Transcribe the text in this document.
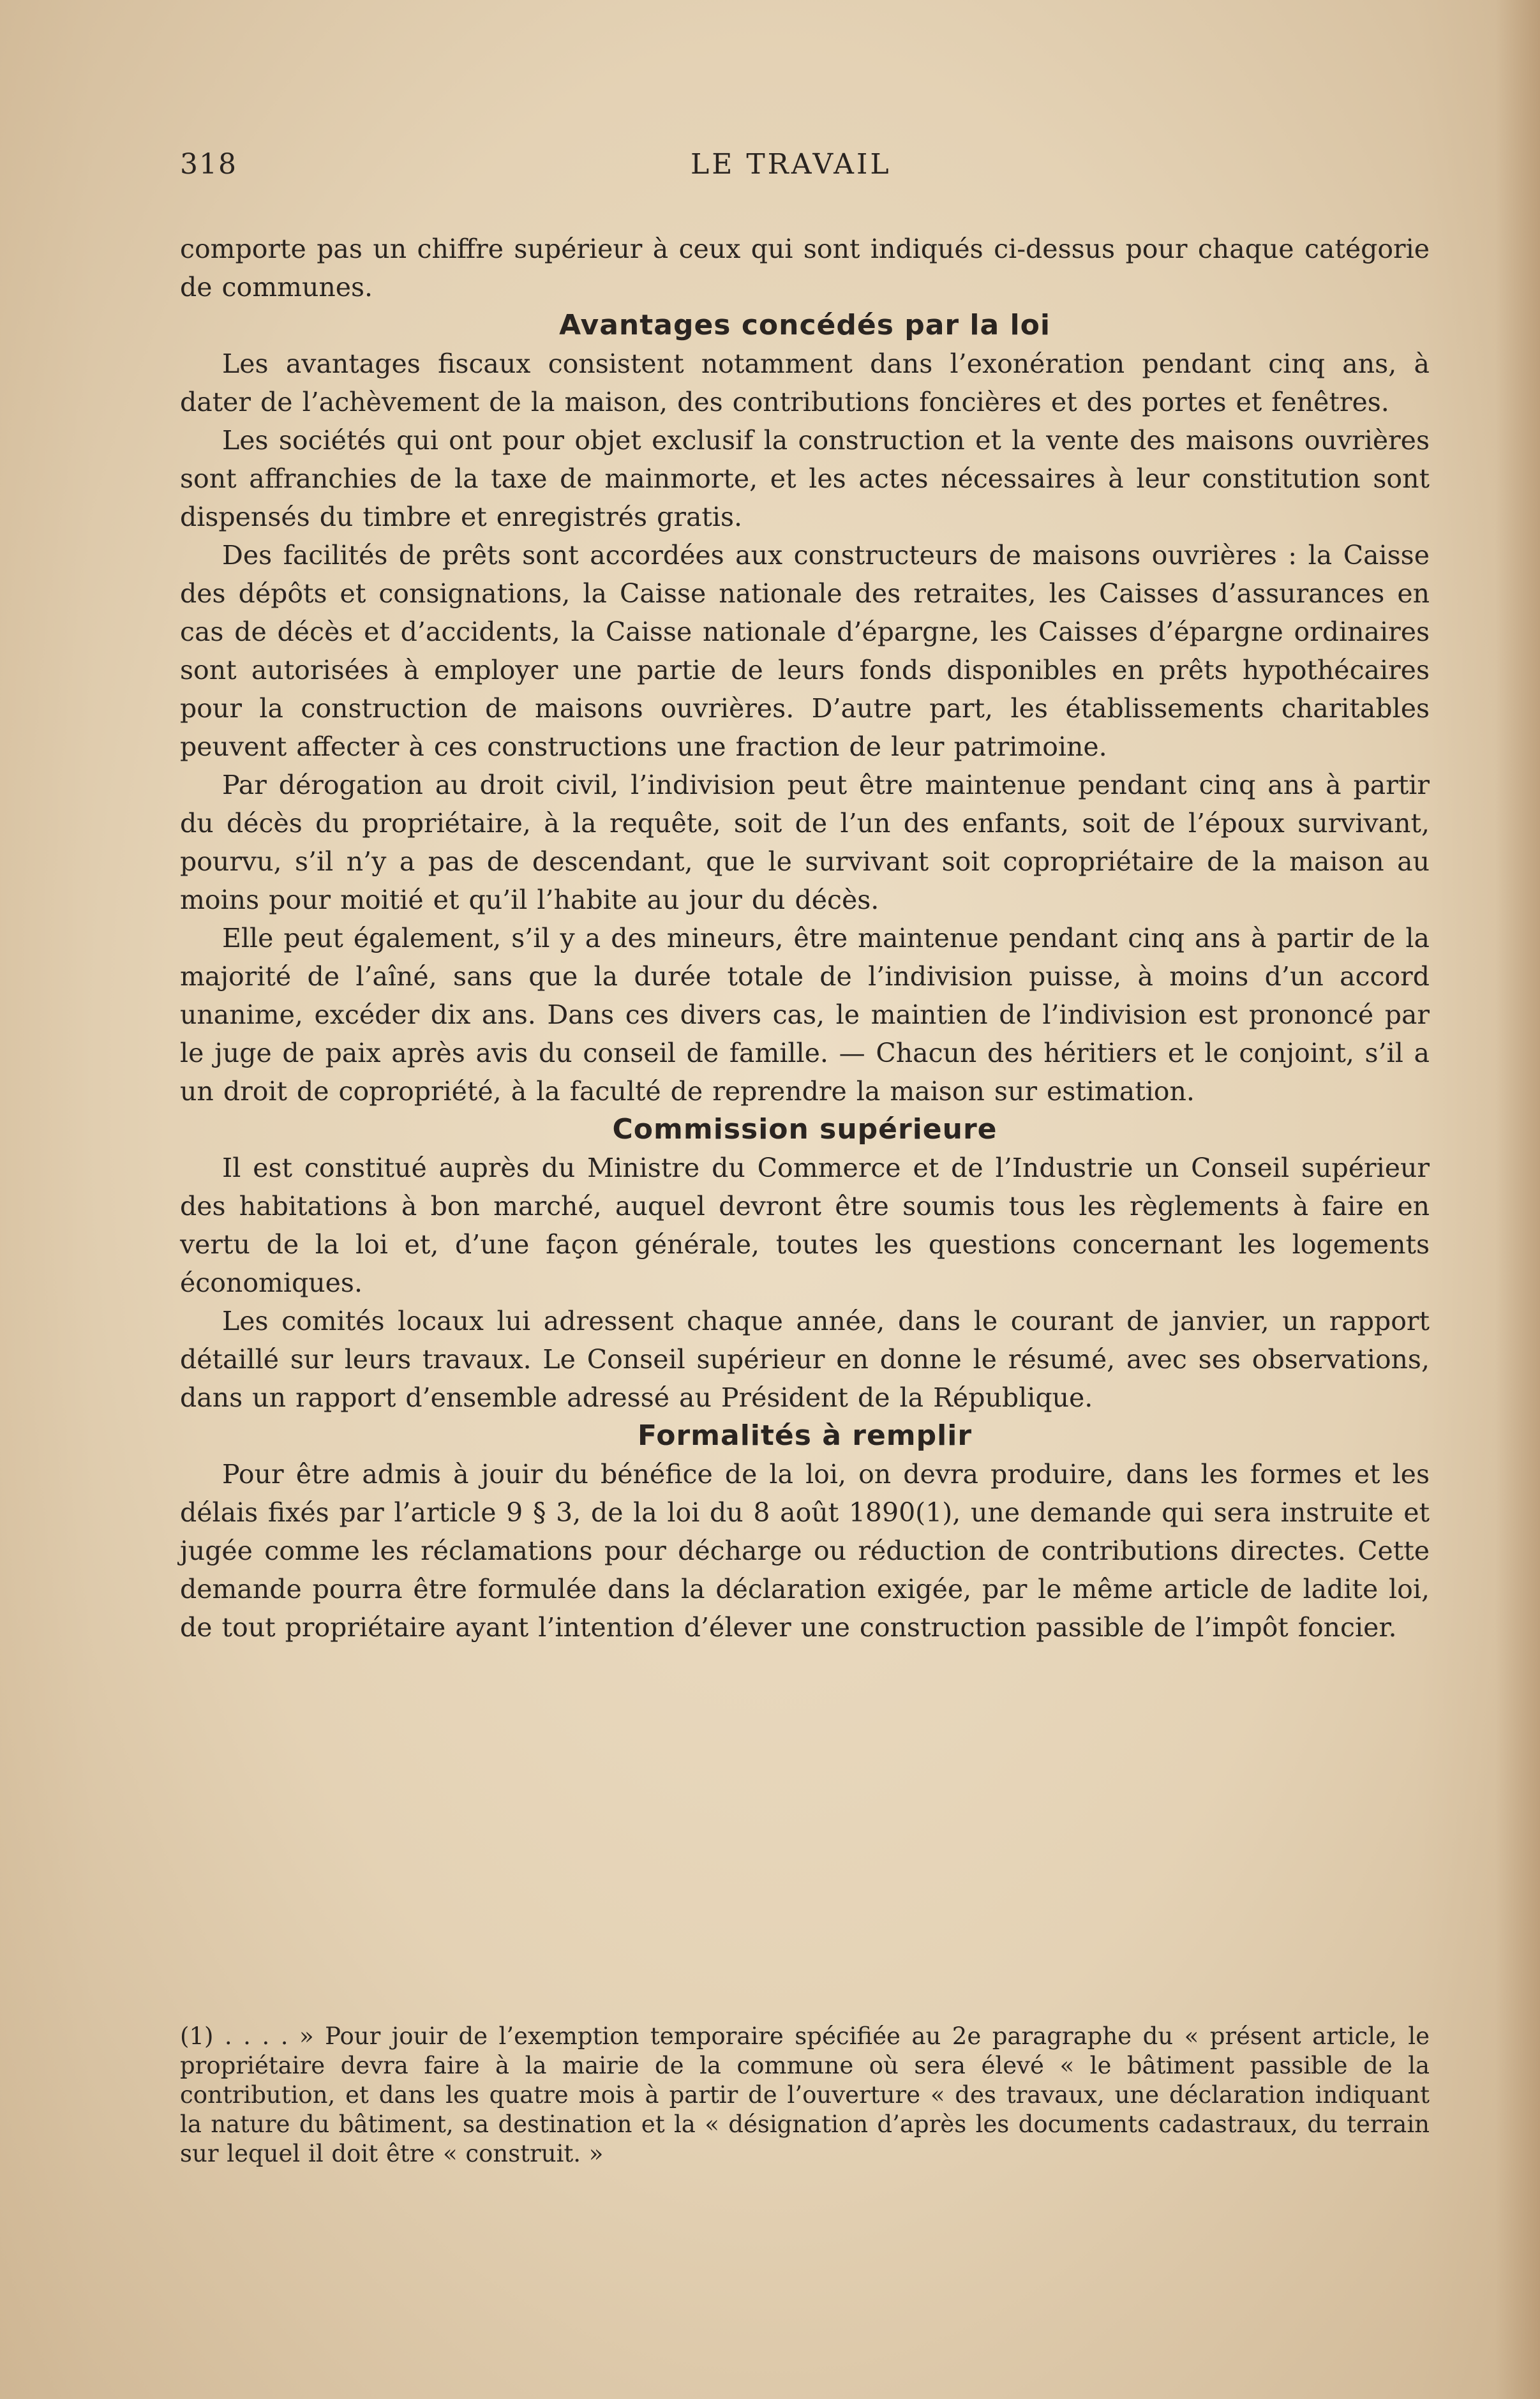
318	LE TRAVAIL

comporte pas un chiffre supérieur à ceux qui sont indiqués ci-dessus pour chaque catégorie de communes.

Avantages concédés par la loi

Les avantages fiscaux consistent notamment dans l’exonération pendant cinq ans, à dater de l’achèvement de la maison, des contributions foncières et des portes et fenêtres.

Les sociétés qui ont pour objet exclusif la construction et la vente des maisons ouvrières sont affranchies de la taxe de mainmorte, et les actes nécessaires à leur constitution sont dispensés du timbre et enregistrés gratis.

Des facilités de prêts sont accordées aux constructeurs de maisons ouvrières : la Caisse des dépôts et consignations, la Caisse nationale des retraites, les Caisses d’assurances en cas de décès et d’accidents, la Caisse nationale d’épargne, les Caisses d’épargne ordinaires sont autorisées à employer une partie de leurs fonds disponibles en prêts hypothécaires pour la construction de maisons ouvrières. D’autre part, les établissements charitables peuvent affecter à ces constructions une fraction de leur patrimoine.

Par dérogation au droit civil, l’indivision peut être maintenue pendant cinq ans à partir du décès du propriétaire, à la requête, soit de l’un des enfants, soit de l’époux survivant, pourvu, s’il n’y a pas de descendant, que le survivant soit copropriétaire de la maison au moins pour moitié et qu’il l’habite au jour du décès.

Elle peut également, s’il y a des mineurs, être maintenue pendant cinq ans à partir de la majorité de l’aîné, sans que la durée totale de l’indivision puisse, à moins d’un accord unanime, excéder dix ans. Dans ces divers cas, le maintien de l’indivision est prononcé par le juge de paix après avis du conseil de famille. — Chacun des héritiers et le conjoint, s’il a un droit de copropriété, à la faculté de reprendre la maison sur estimation.

Commission supérieure

Il est constitué auprès du Ministre du Commerce et de l’Industrie un Conseil supérieur des habitations à bon marché, auquel devront être soumis tous les règlements à faire en vertu de la loi et, d’une façon générale, toutes les questions concernant les logements économiques.

Les comités locaux lui adressent chaque année, dans le courant de janvier, un rapport détaillé sur leurs travaux. Le Conseil supérieur en donne le résumé, avec ses observations, dans un rapport d’ensemble adressé au Président de la République.

Formalités à remplir

Pour être admis à jouir du bénéfice de la loi, on devra produire, dans les formes et les délais fixés par l’article 9 § 3, de la loi du 8 août 1890(1), une demande qui sera instruite et jugée comme les réclamations pour décharge ou réduction de contributions directes. Cette demande pourra être formulée dans la déclaration exigée, par le même article de ladite loi, de tout propriétaire ayant l’intention d’élever une construction passible de l’impôt foncier.

(1) . . . . » Pour jouir de l’exemption temporaire spécifiée au 2e paragraphe du « présent article, le propriétaire devra faire à la mairie de la commune où sera élevé « le bâtiment passible de la contribution, et dans les quatre mois à partir de l’ouverture « des travaux, une déclaration indiquant la nature du bâtiment, sa destination et la « désignation d’après les documents cadastraux, du terrain sur lequel il doit être « construit. »
